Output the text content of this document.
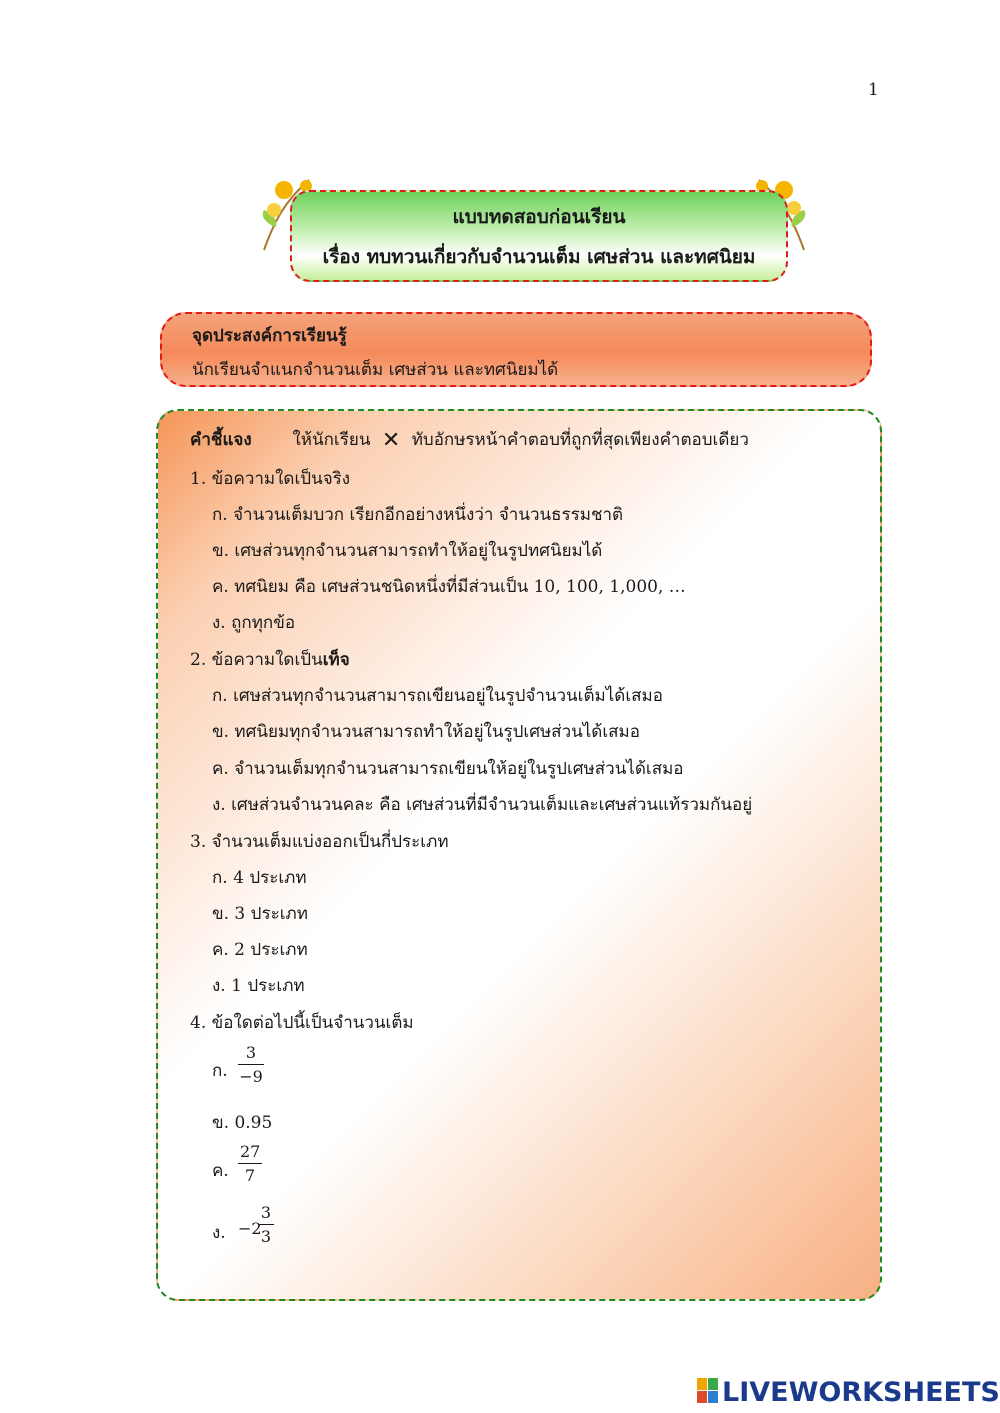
1
แบบทดสอบก่อนเรียน
เรื่อง ทบทวนเกี่ยวกับจำนวนเต็ม เศษส่วน และทศนิยม
จุดประสงค์การเรียนรู้
นักเรียนจำแนกจำนวนเต็ม เศษส่วน และทศนิยมได้
คำชี้แจง ให้นักเรียน ✕ ทับอักษรหน้าคำตอบที่ถูกที่สุดเพียงคำตอบเดียว
1. ข้อความใดเป็นจริง
ก. จำนวนเต็มบวก เรียกอีกอย่างหนึ่งว่า จำนวนธรรมชาติ
ข. เศษส่วนทุกจำนวนสามารถทำให้อยู่ในรูปทศนิยมได้
ค. ทศนิยม คือ เศษส่วนชนิดหนึ่งที่มีส่วนเป็น 10, 100, 1,000, …
ง. ถูกทุกข้อ
2. ข้อความใดเป็นเท็จ
ก. เศษส่วนทุกจำนวนสามารถเขียนอยู่ในรูปจำนวนเต็มได้เสมอ
ข. ทศนิยมทุกจำนวนสามารถทำให้อยู่ในรูปเศษส่วนได้เสมอ
ค. จำนวนเต็มทุกจำนวนสามารถเขียนให้อยู่ในรูปเศษส่วนได้เสมอ
ง. เศษส่วนจำนวนคละ คือ เศษส่วนที่มีจำนวนเต็มและเศษส่วนแท้รวมกันอยู่
3. จำนวนเต็มแบ่งออกเป็นกี่ประเภท
ก. 4 ประเภท
ข. 3 ประเภท
ค. 2 ประเภท
ง. 1 ประเภท
4. ข้อใดต่อไปนี้เป็นจำนวนเต็ม
ก.
3
−9
ข. 0.95
ค.
27
7
ง. −2
3
3
LIVEWORKSHEETS
